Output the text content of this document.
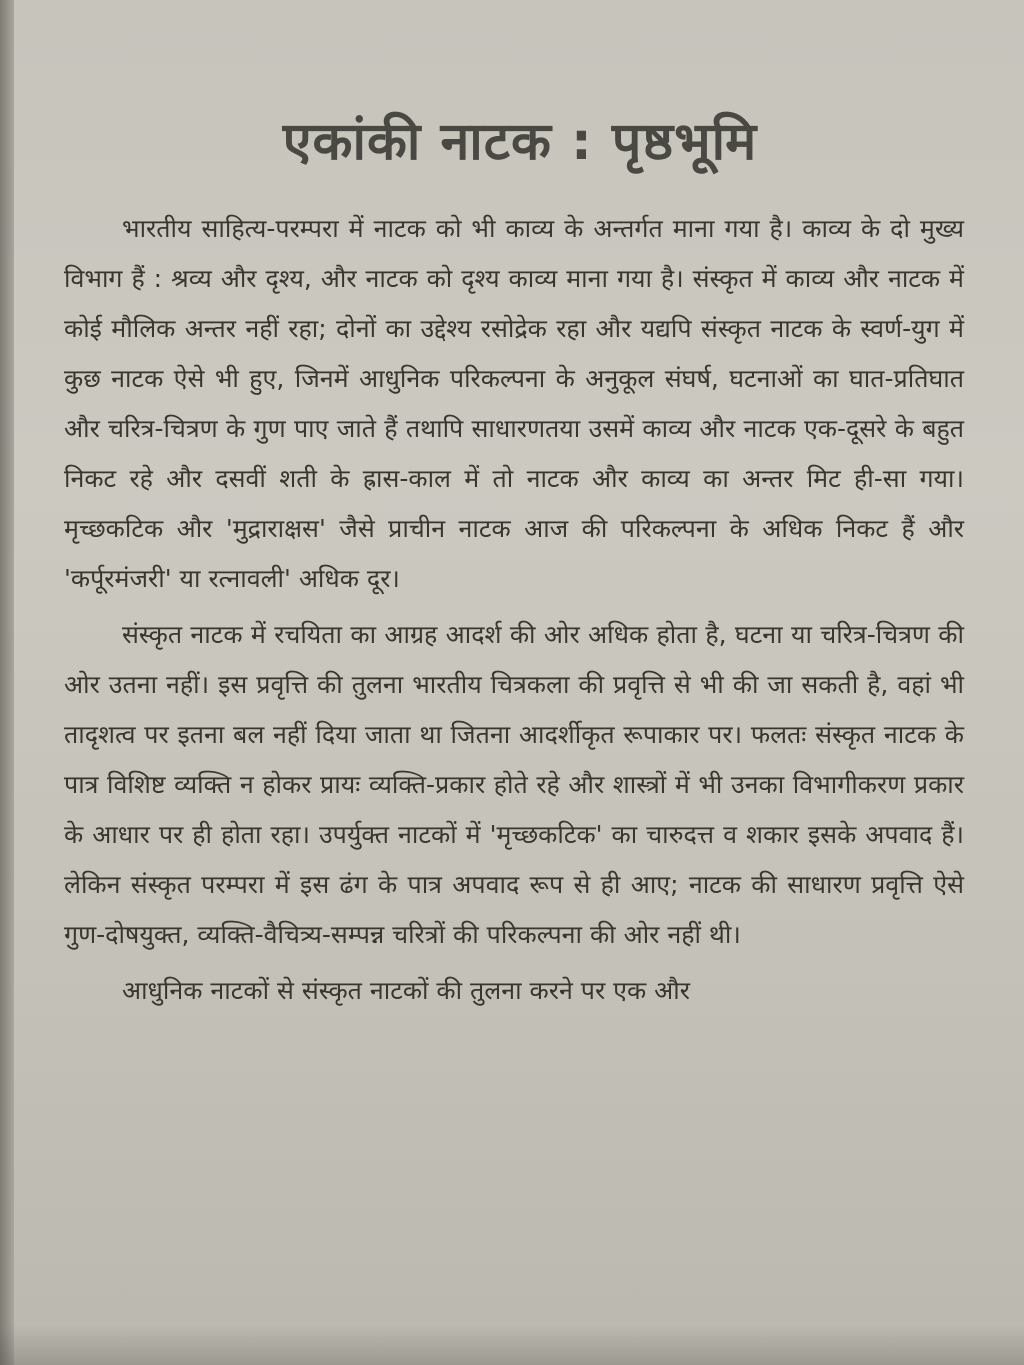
एकांकी नाटक : पृष्ठभूमि

भारतीय साहित्य-परम्परा में नाटक को भी काव्य के अन्तर्गत माना गया है। काव्य के दो मुख्य विभाग हैं : श्रव्य और दृश्य, और नाटक को दृश्य काव्य माना गया है। संस्कृत में काव्य और नाटक में कोई मौलिक अन्तर नहीं रहा; दोनों का उद्देश्य रसोद्रेक रहा और यद्यपि संस्कृत नाटक के स्वर्ण-युग में कुछ नाटक ऐसे भी हुए, जिनमें आधुनिक परिकल्पना के अनुकूल संघर्ष, घटनाओं का घात-प्रतिघात और चरित्र-चित्रण के गुण पाए जाते हैं तथापि साधारणतया उसमें काव्य और नाटक एक-दूसरे के बहुत निकट रहे और दसवीं शती के ह्रास-काल में तो नाटक और काव्य का अन्तर मिट ही-सा गया। मृच्छकटिक और 'मुद्राराक्षस' जैसे प्राचीन नाटक आज की परिकल्पना के अधिक निकट हैं और 'कर्पूरमंजरी' या रत्नावली' अधिक दूर।

संस्कृत नाटक में रचयिता का आग्रह आदर्श की ओर अधिक होता है, घटना या चरित्र-चित्रण की ओर उतना नहीं। इस प्रवृत्ति की तुलना भारतीय चित्रकला की प्रवृत्ति से भी की जा सकती है, वहां भी तादृशत्व पर इतना बल नहीं दिया जाता था जितना आदर्शीकृत रूपाकार पर। फलतः संस्कृत नाटक के पात्र विशिष्ट व्यक्ति न होकर प्रायः व्यक्ति-प्रकार होते रहे और शास्त्रों में भी उनका विभागीकरण प्रकार के आधार पर ही होता रहा। उपर्युक्त नाटकों में 'मृच्छकटिक' का चारुदत्त व शकार इसके अपवाद हैं। लेकिन संस्कृत परम्परा में इस ढंग के पात्र अपवाद रूप से ही आए; नाटक की साधारण प्रवृत्ति ऐसे गुण-दोषयुक्त, व्यक्ति-वैचित्र्य-सम्पन्न चरित्रों की परिकल्पना की ओर नहीं थी।

आधुनिक नाटकों से संस्कृत नाटकों की तुलना करने पर एक और
